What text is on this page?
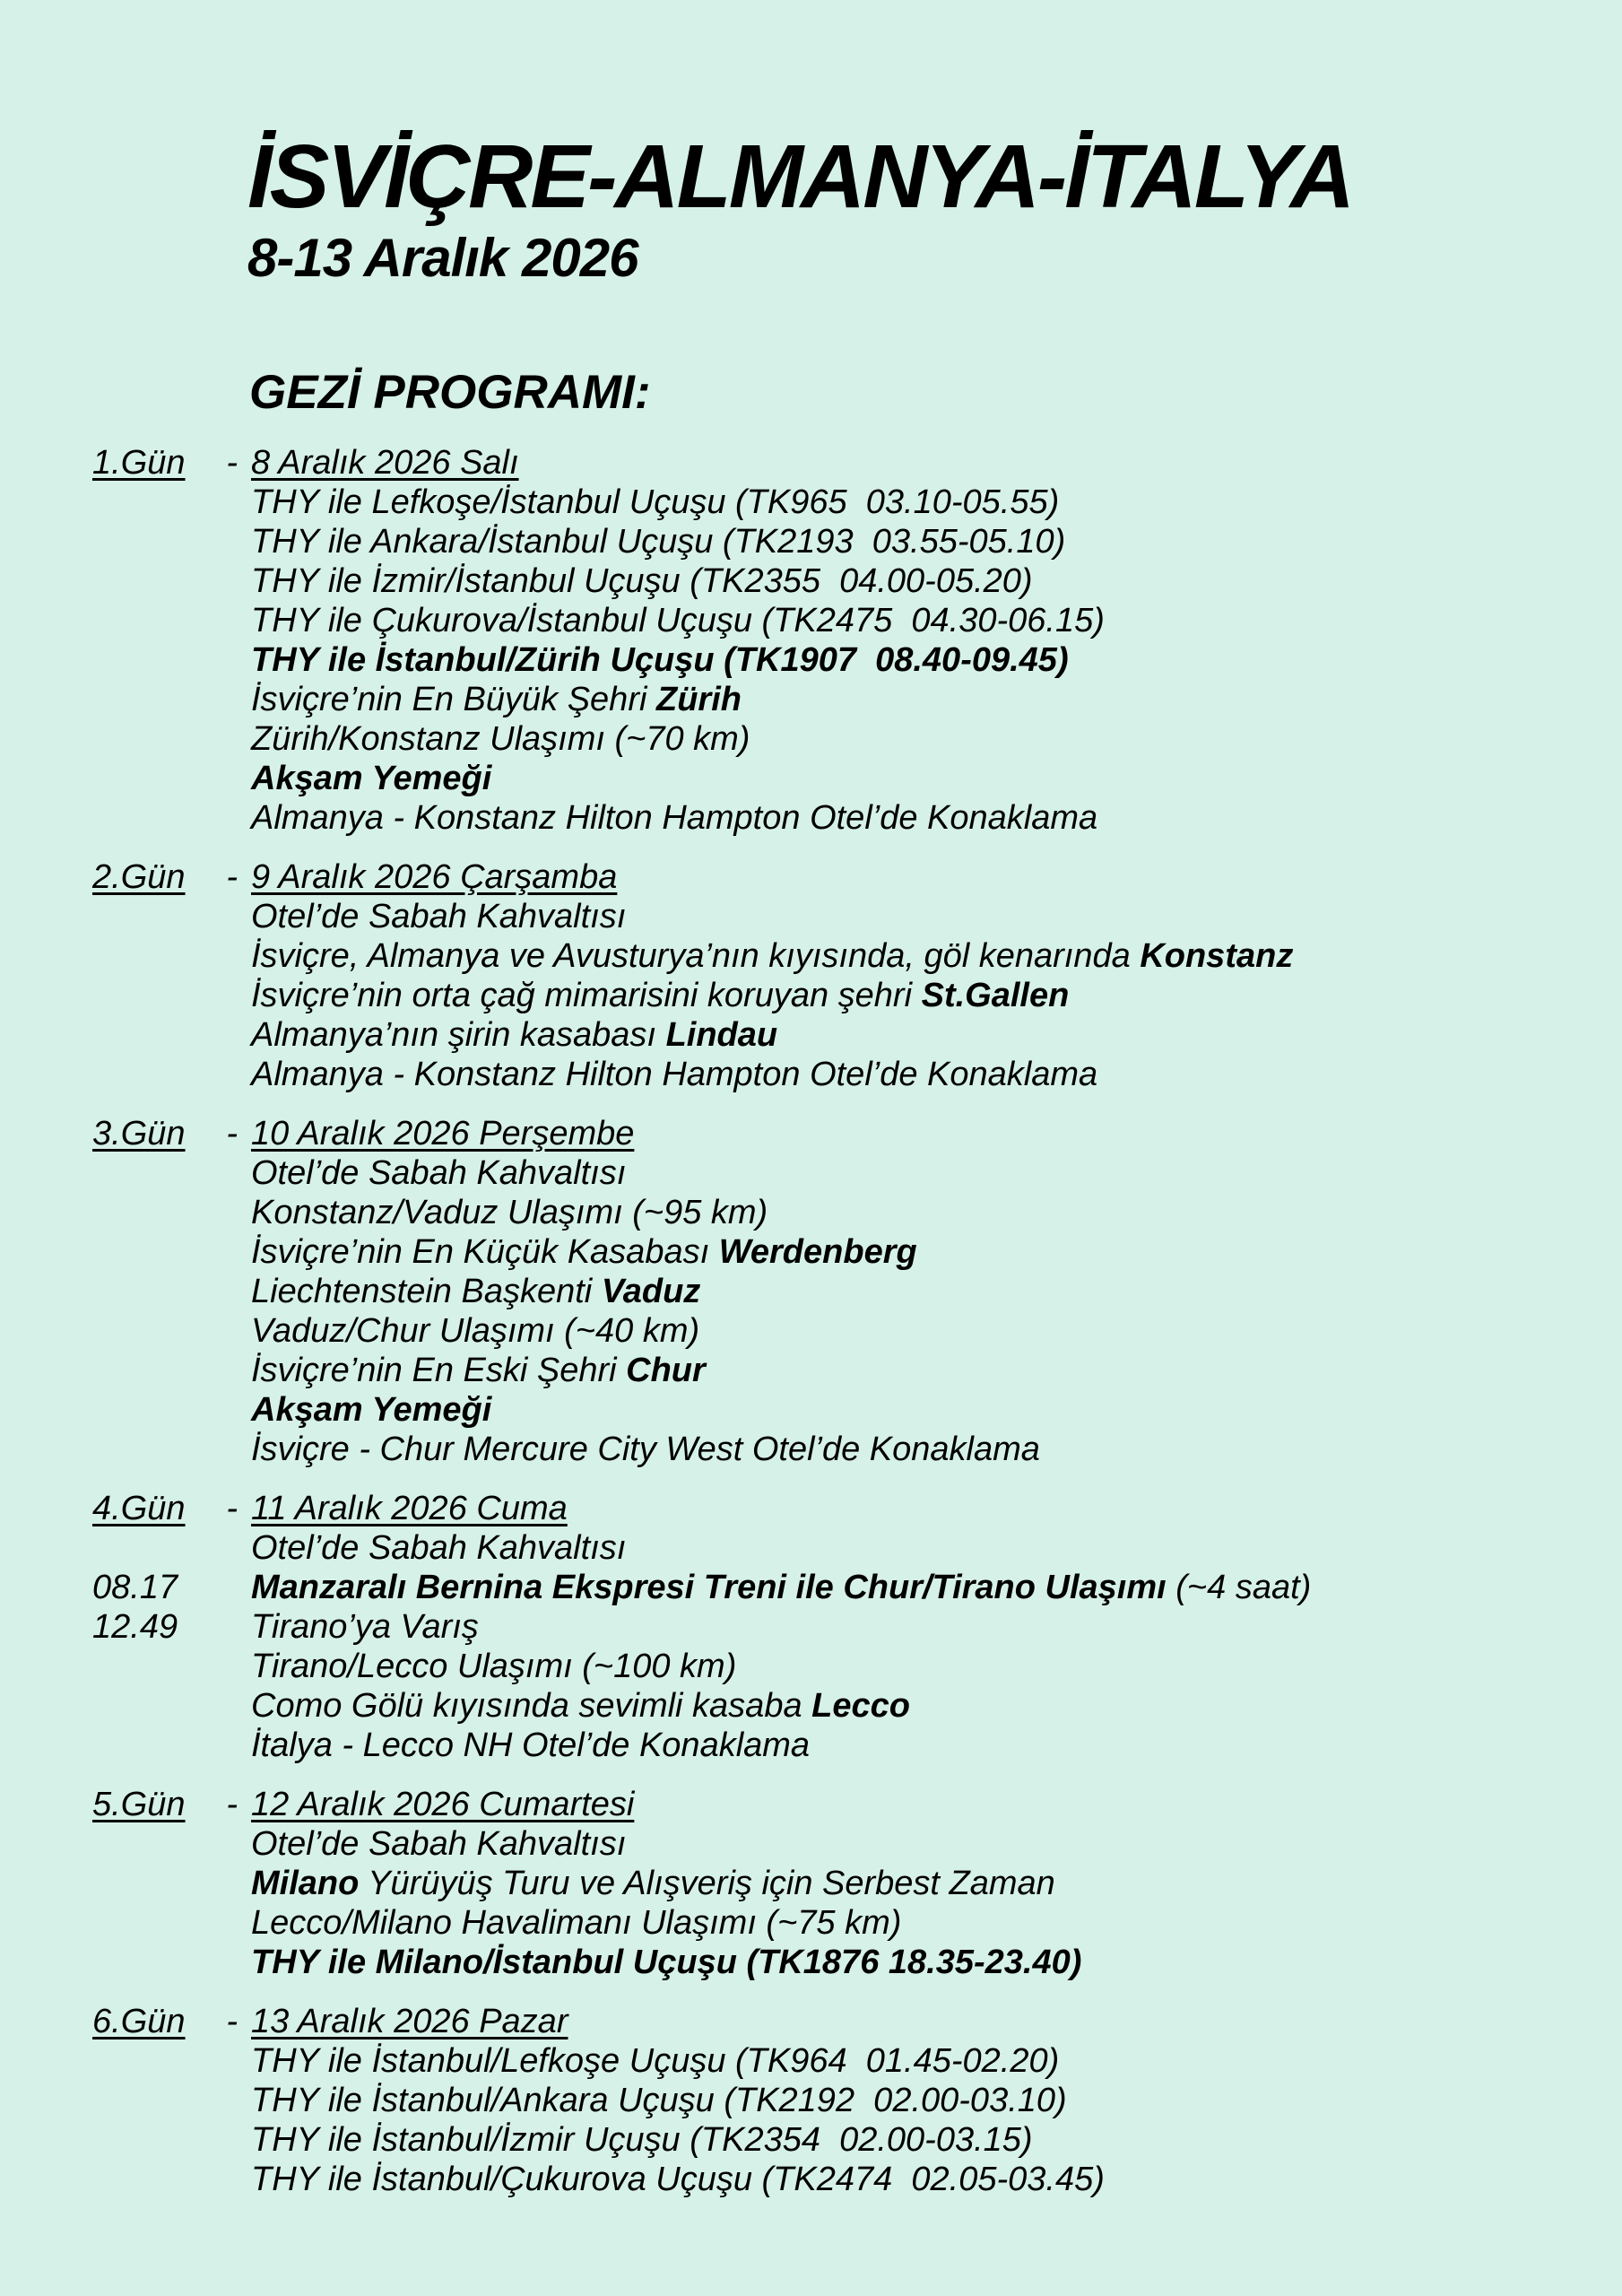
İSVİÇRE-ALMANYA-İTALYA
8-13 Aralık 2026
GEZİ PROGRAMI:
1.Gün - 8 Aralık 2026 Salı
THY ile Lefkoşe/İstanbul Uçuşu (TK965  03.10-05.55)
THY ile Ankara/İstanbul Uçuşu (TK2193  03.55-05.10)
THY ile İzmir/İstanbul Uçuşu (TK2355  04.00-05.20)
THY ile Çukurova/İstanbul Uçuşu (TK2475  04.30-06.15)
THY ile İstanbul/Zürih Uçuşu (TK1907  08.40-09.45)
İsviçre’nin En Büyük Şehri Zürih
Zürih/Konstanz Ulaşımı (~70 km)
Akşam Yemeği
Almanya - Konstanz Hilton Hampton Otel’de Konaklama
2.Gün - 9 Aralık 2026 Çarşamba
Otel’de Sabah Kahvaltısı
İsviçre, Almanya ve Avusturya’nın kıyısında, göl kenarında Konstanz
İsviçre’nin orta çağ mimarisini koruyan şehri St.Gallen
Almanya’nın şirin kasabası Lindau
Almanya - Konstanz Hilton Hampton Otel’de Konaklama
3.Gün - 10 Aralık 2026 Perşembe
Otel’de Sabah Kahvaltısı
Konstanz/Vaduz Ulaşımı (~95 km)
İsviçre’nin En Küçük Kasabası Werdenberg
Liechtenstein Başkenti Vaduz
Vaduz/Chur Ulaşımı (~40 km)
İsviçre’nin En Eski Şehri Chur
Akşam Yemeği
İsviçre - Chur Mercure City West Otel’de Konaklama
4.Gün - 11 Aralık 2026 Cuma
Otel’de Sabah Kahvaltısı
08.17	Manzaralı Bernina Ekspresi Treni ile Chur/Tirano Ulaşımı (~4 saat)
12.49	Tirano’ya Varış
Tirano/Lecco Ulaşımı (~100 km)
Como Gölü kıyısında sevimli kasaba Lecco
İtalya - Lecco NH Otel’de Konaklama
5.Gün - 12 Aralık 2026 Cumartesi
Otel’de Sabah Kahvaltısı
Milano Yürüyüş Turu ve Alışveriş için Serbest Zaman
Lecco/Milano Havalimanı Ulaşımı (~75 km)
THY ile Milano/İstanbul Uçuşu (TK1876 18.35-23.40)
6.Gün - 13 Aralık 2026 Pazar
THY ile İstanbul/Lefkoşe Uçuşu (TK964  01.45-02.20)
THY ile İstanbul/Ankara Uçuşu (TK2192  02.00-03.10)
THY ile İstanbul/İzmir Uçuşu (TK2354  02.00-03.15)
THY ile İstanbul/Çukurova Uçuşu (TK2474  02.05-03.45)
